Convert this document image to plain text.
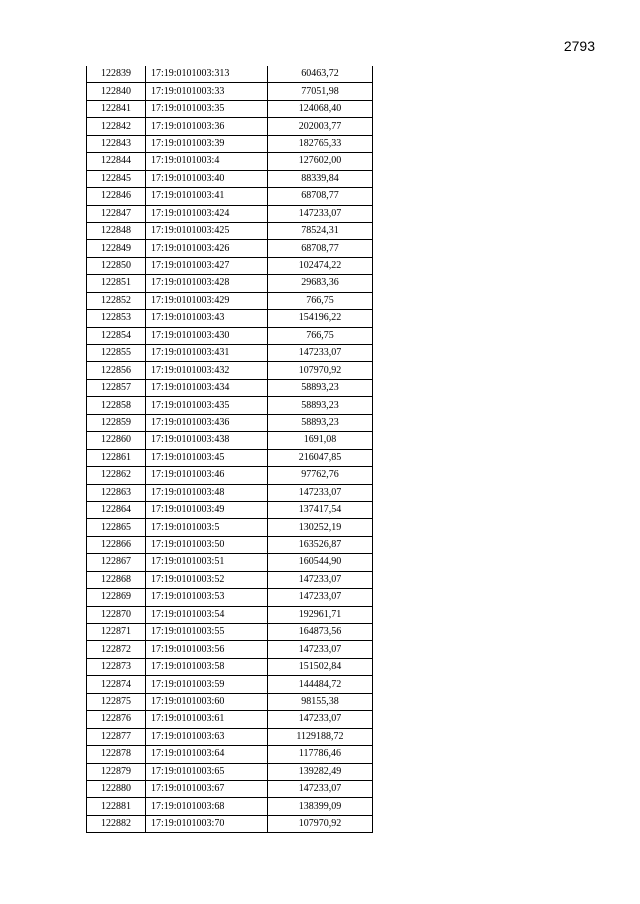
2793
122839	17:19:0101003:313	60463,72
122840	17:19:0101003:33	77051,98
122841	17:19:0101003:35	124068,40
122842	17:19:0101003:36	202003,77
122843	17:19:0101003:39	182765,33
122844	17:19:0101003:4	127602,00
122845	17:19:0101003:40	88339,84
122846	17:19:0101003:41	68708,77
122847	17:19:0101003:424	147233,07
122848	17:19:0101003:425	78524,31
122849	17:19:0101003:426	68708,77
122850	17:19:0101003:427	102474,22
122851	17:19:0101003:428	29683,36
122852	17:19:0101003:429	766,75
122853	17:19:0101003:43	154196,22
122854	17:19:0101003:430	766,75
122855	17:19:0101003:431	147233,07
122856	17:19:0101003:432	107970,92
122857	17:19:0101003:434	58893,23
122858	17:19:0101003:435	58893,23
122859	17:19:0101003:436	58893,23
122860	17:19:0101003:438	1691,08
122861	17:19:0101003:45	216047,85
122862	17:19:0101003:46	97762,76
122863	17:19:0101003:48	147233,07
122864	17:19:0101003:49	137417,54
122865	17:19:0101003:5	130252,19
122866	17:19:0101003:50	163526,87
122867	17:19:0101003:51	160544,90
122868	17:19:0101003:52	147233,07
122869	17:19:0101003:53	147233,07
122870	17:19:0101003:54	192961,71
122871	17:19:0101003:55	164873,56
122872	17:19:0101003:56	147233,07
122873	17:19:0101003:58	151502,84
122874	17:19:0101003:59	144484,72
122875	17:19:0101003:60	98155,38
122876	17:19:0101003:61	147233,07
122877	17:19:0101003:63	1129188,72
122878	17:19:0101003:64	117786,46
122879	17:19:0101003:65	139282,49
122880	17:19:0101003:67	147233,07
122881	17:19:0101003:68	138399,09
122882	17:19:0101003:70	107970,92
